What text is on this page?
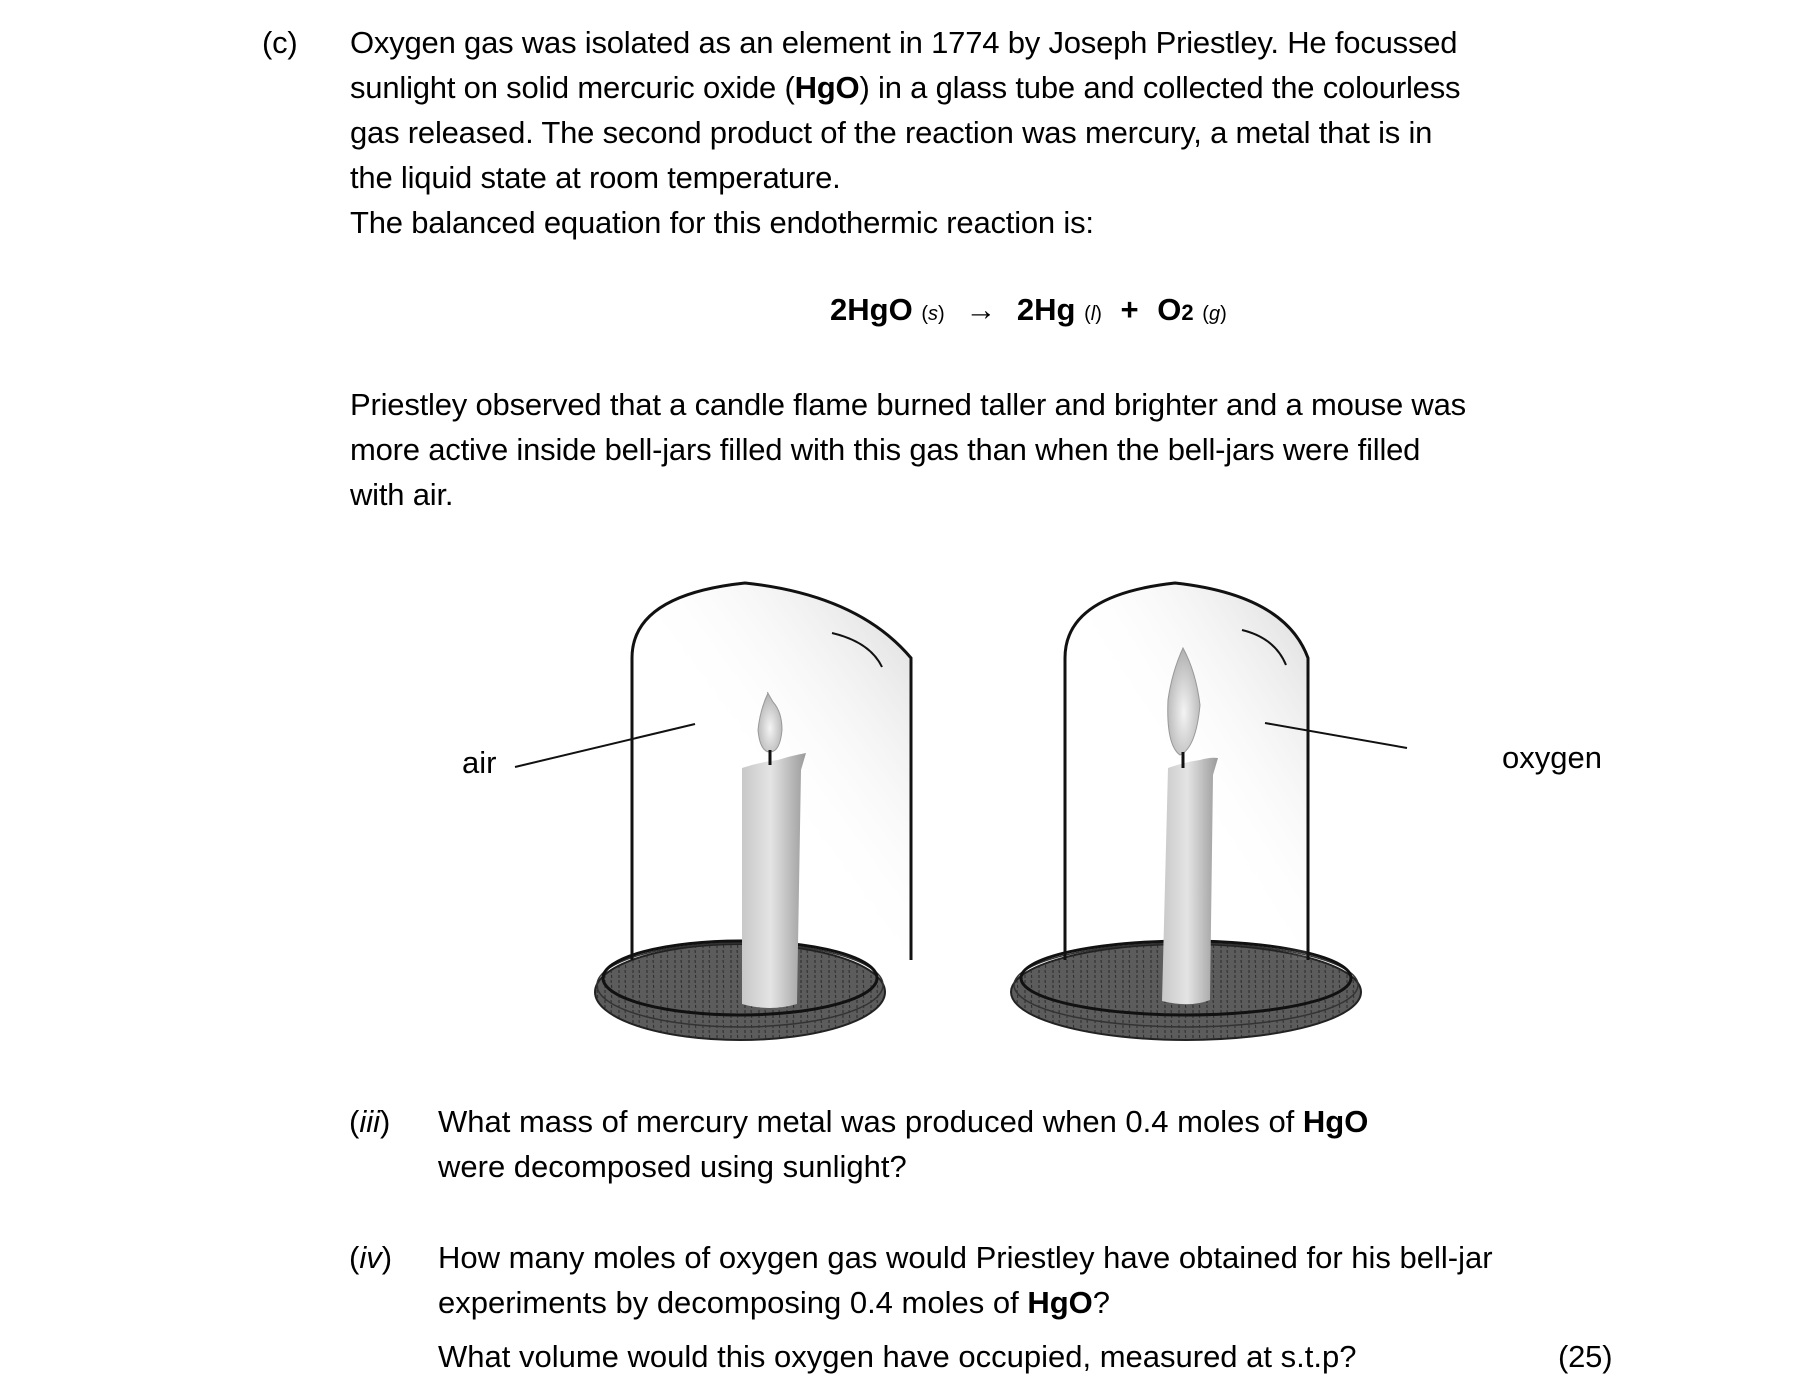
(c) Oxygen gas was isolated as an element in 1774 by Joseph Priestley. He focussed
sunlight on solid mercuric oxide (HgO) in a glass tube and collected the colourless
gas released. The second product of the reaction was mercury, a metal that is in
the liquid state at room temperature.
The balanced equation for this endothermic reaction is:
2HgO (s) → 2Hg (l) + O2 (g)
Priestley observed that a candle flame burned taller and brighter and a mouse was
more active inside bell-jars filled with this gas than when the bell-jars were filled
with air.
air	oxygen
(iii) What mass of mercury metal was produced when 0.4 moles of HgO
were decomposed using sunlight?
(iv) How many moles of oxygen gas would Priestley have obtained for his bell-jar
experiments by decomposing 0.4 moles of HgO?
What volume would this oxygen have occupied, measured at s.t.p?	(25)
